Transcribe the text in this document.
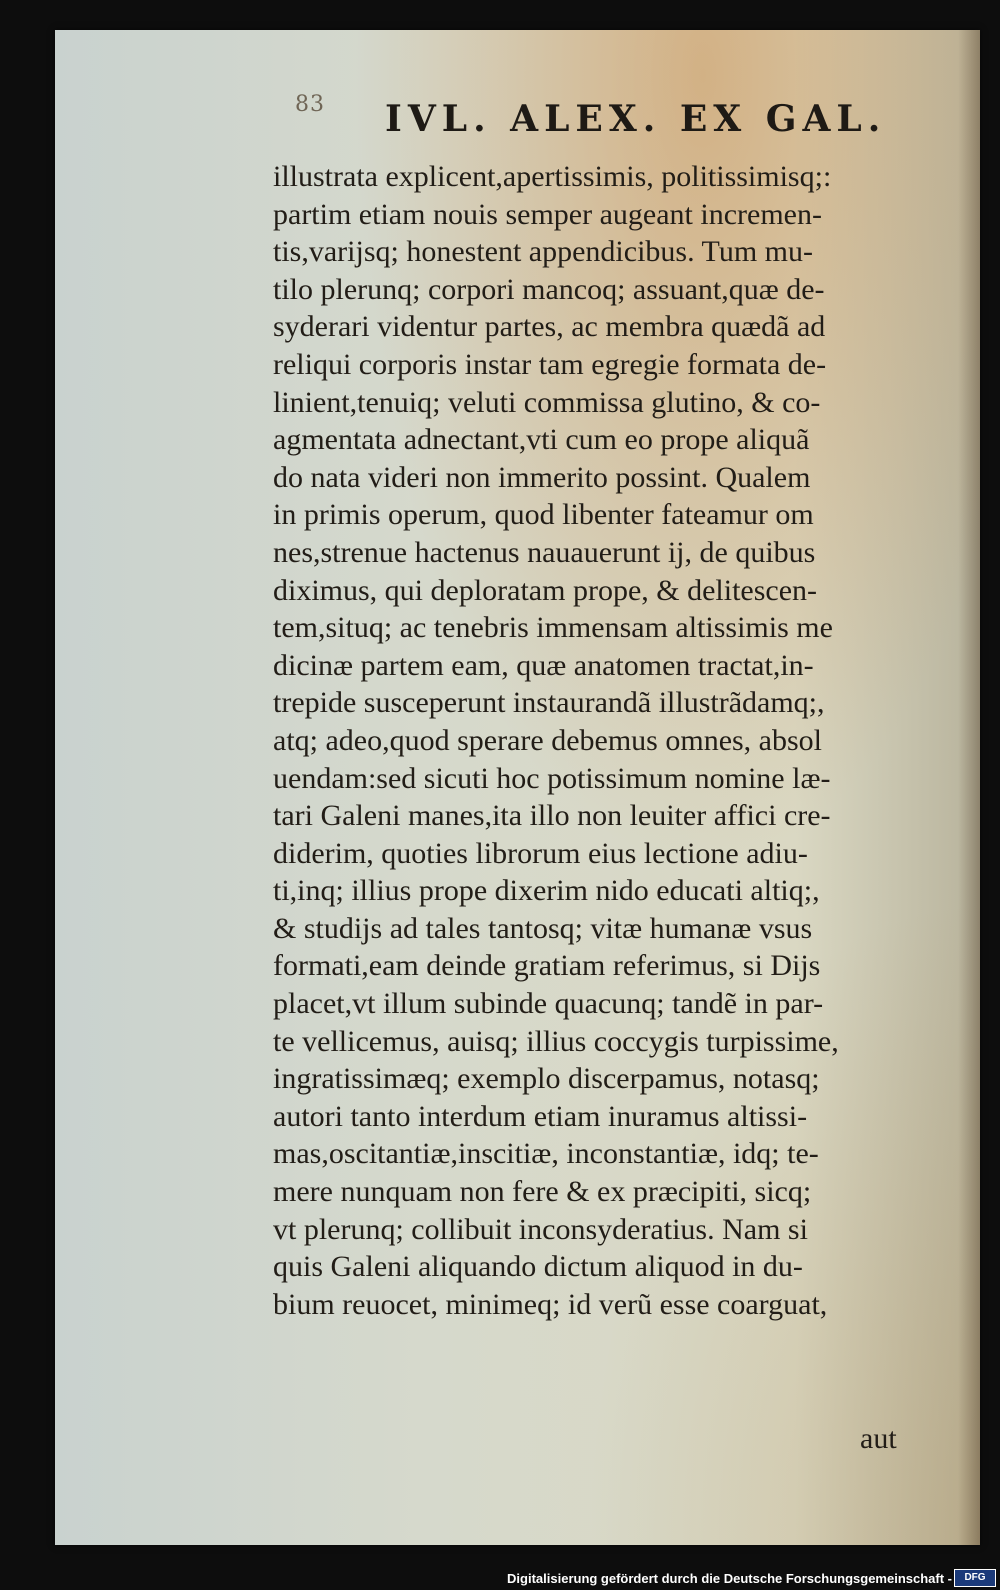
83 IVL. ALEX. EX GAL.
illustrata explicent,apertissimis, politissimisq;:
partim etiam nouis semper augeant incremen-
tis,varijsq; honestent appendicibus. Tum mu-
tilo plerunq; corpori mancoq; assuant,quæ de-
syderari videntur partes, ac membra quædã ad
reliqui corporis instar tam egregie formata de-
linient,tenuiq; veluti commissa glutino, & co-
agmentata adnectant,vti cum eo prope aliquã
do nata videri non immerito possint. Qualem
in primis operum, quod libenter fateamur om
nes,strenue hactenus nauauerunt ij, de quibus
diximus, qui deploratam prope, & delitescen-
tem,situq; ac tenebris immensam altissimis me
dicinæ partem eam, quæ anatomen tractat,in-
trepide susceperunt instaurandã illustrãdamq;,
atq; adeo,quod sperare debemus omnes, absol
uendam:sed sicuti hoc potissimum nomine læ-
tari Galeni manes,ita illo non leuiter affici cre-
diderim, quoties librorum eius lectione adiu-
ti,inq; illius prope dixerim nido educati altiq;,
& studijs ad tales tantosq; vitæ humanæ vsus
formati,eam deinde gratiam referimus, si Dijs
placet,vt illum subinde quacunq; tandẽ in par-
te vellicemus, auisq; illius coccygis turpissime,
ingratissimæq; exemplo discerpamus, notasq;
autori tanto interdum etiam inuramus altissi-
mas,oscitantiæ,inscitiæ, inconstantiæ, idq; te-
mere nunquam non fere & ex præcipiti, sicq;
vt plerunq; collibuit inconsyderatius. Nam si
quis Galeni aliquando dictum aliquod in du-
bium reuocet, minimeq; id verũ esse coarguat,
aut
Digitalisierung gefördert durch die Deutsche Forschungsgemeinschaft -	DFG
